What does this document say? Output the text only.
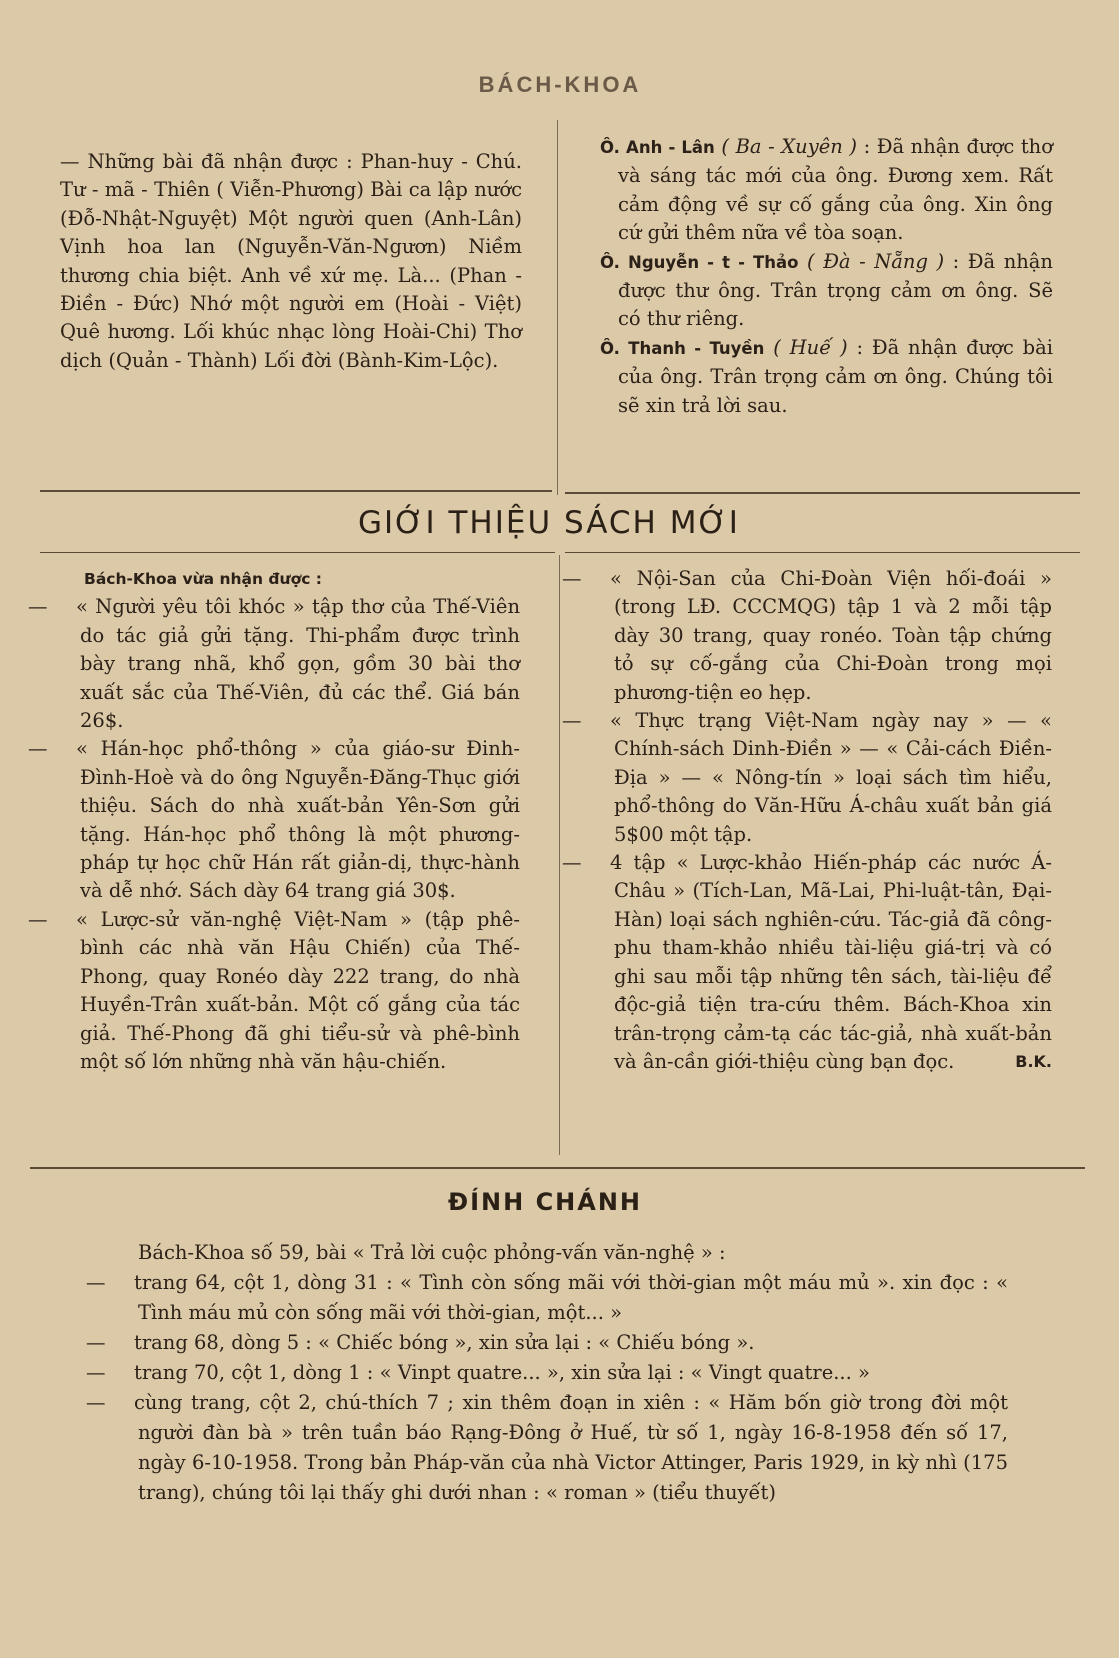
BÁCH-KHOA

— Những bài đã nhận được : Phan-huy - Chú. Tư - mã - Thiên ( Viễn-Phương) Bài ca lập nước (Đỗ-Nhật-Nguyệt) Một người quen (Anh-Lân) Vịnh hoa lan (Nguyễn-Văn-Ngươn) Niềm thương chia biệt. Anh về xứ mẹ. Là... (Phan - Điền - Đức) Nhớ một người em (Hoài - Việt) Quê hương. Lối khúc nhạc lòng Hoài-Chi) Thơ dịch (Quản - Thành) Lối đời (Bành-Kim-Lộc).

Ô. Anh - Lân ( Ba - Xuyên ) : Đã nhận được thơ và sáng tác mới của ông. Đương xem. Rất cảm động về sự cố gắng của ông. Xin ông cứ gửi thêm nữa về tòa soạn.

Ô. Nguyễn - t - Thảo ( Đà - Nẵng ) : Đã nhận được thư ông. Trân trọng cảm ơn ông. Sẽ có thư riêng.

Ô. Thanh - Tuyền ( Huế ) : Đã nhận được bài của ông. Trân trọng cảm ơn ông. Chúng tôi sẽ xin trả lời sau.

GIỚI THIỆU SÁCH MỚI

Bách-Khoa vừa nhận được :

— « Người yêu tôi khóc » tập thơ của Thế-Viên do tác giả gửi tặng. Thi-phẩm được trình bày trang nhã, khổ gọn, gồm 30 bài thơ xuất sắc của Thế-Viên, đủ các thể. Giá bán 26$.

— « Hán-học phổ-thông » của giáo-sư Đinh-Đình-Hoè và do ông Nguyễn-Đăng-Thục giới thiệu. Sách do nhà xuất-bản Yên-Sơn gửi tặng. Hán-học phổ thông là một phương-pháp tự học chữ Hán rất giản-dị, thực-hành và dễ nhớ. Sách dày 64 trang giá 30$.

— « Lược-sử văn-nghệ Việt-Nam » (tập phê-bình các nhà văn Hậu Chiến) của Thế-Phong, quay Ronéo dày 222 trang, do nhà Huyền-Trân xuất-bản. Một cố gắng của tác giả. Thế-Phong đã ghi tiểu-sử và phê-bình một số lớn những nhà văn hậu-chiến.

— « Nội-San của Chi-Đoàn Viện hối-đoái » (trong LĐ. CCCMQG) tập 1 và 2 mỗi tập dày 30 trang, quay ronéo. Toàn tập chứng tỏ sự cố-gắng của Chi-Đoàn trong mọi phương-tiện eo hẹp.

— « Thực trạng Việt-Nam ngày nay » — « Chính-sách Dinh-Điền » — « Cải-cách Điền-Địa » — « Nông-tín » loại sách tìm hiểu, phổ-thông do Văn-Hữu Á-châu xuất bản giá 5$00 một tập.

— 4 tập « Lược-khảo Hiến-pháp các nước Á-Châu » (Tích-Lan, Mã-Lai, Phi-luật-tân, Đại-Hàn) loại sách nghiên-cứu. Tác-giả đã công-phu tham-khảo nhiều tài-liệu giá-trị và có ghi sau mỗi tập những tên sách, tài-liệu để độc-giả tiện tra-cứu thêm. Bách-Khoa xin trân-trọng cảm-tạ các tác-giả, nhà xuất-bản và ân-cần giới-thiệu cùng bạn đọc.	B.K.

ĐÍNH CHÁNH

Bách-Khoa số 59, bài « Trả lời cuộc phỏng-vấn văn-nghệ » :

— trang 64, cột 1, dòng 31 : « Tình còn sống mãi với thời-gian một máu mủ ». xin đọc : « Tình máu mủ còn sống mãi với thời-gian, một... »

— trang 68, dòng 5 : « Chiếc bóng », xin sửa lại : « Chiếu bóng ».

— trang 70, cột 1, dòng 1 : « Vinpt quatre... », xin sửa lại : « Vingt quatre... »

— cùng trang, cột 2, chú-thích 7 ; xin thêm đoạn in xiên : « Hăm bốn giờ trong đời một người đàn bà » trên tuần báo Rạng-Đông ở Huế, từ số 1, ngày 16-8-1958 đến số 17, ngày 6-10-1958. Trong bản Pháp-văn của nhà Victor Attinger, Paris 1929, in kỳ nhì (175 trang), chúng tôi lại thấy ghi dưới nhan : « roman » (tiểu thuyết)
